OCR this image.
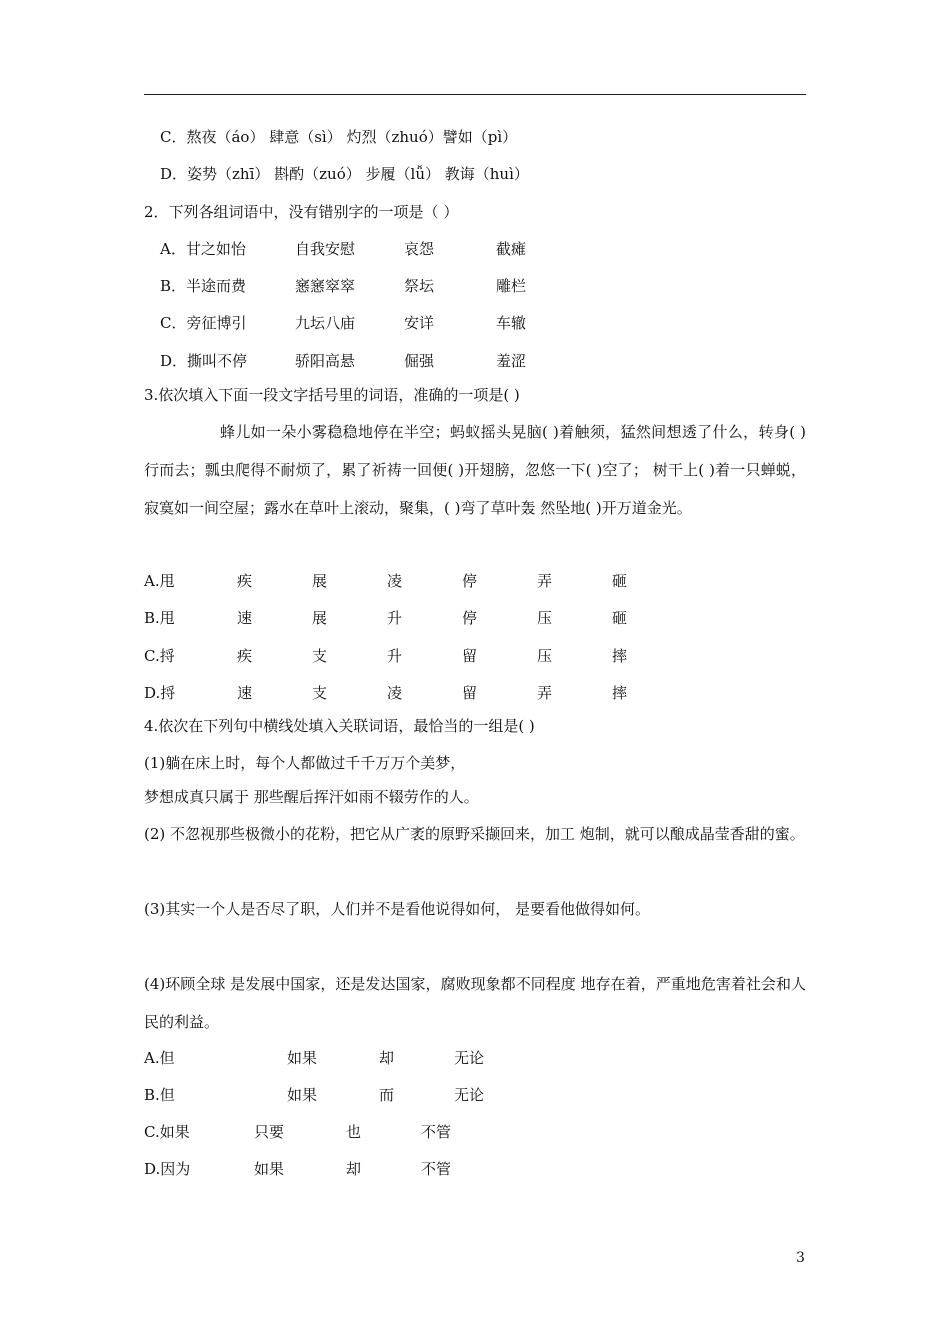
C．熬夜（áo） 肆意（sì） 灼烈（zhuó）譬如（pì）
D．姿势（zhī） 斟酌（zuó） 步履（lǚ） 教诲（huì）
2．下列各组词语中，没有错别字的一项是（ ）
A．甘之如怡	自我安慰	哀怨	截瘫
B．半途而费	窸窸窣窣	祭坛	雕栏
C．旁征博引	九坛八庙	安详	车辙
D．撕叫不停	骄阳高悬	倔强	羞涩
3.依次填入下面一段文字括号里的词语，准确的一项是( )
蜂儿如一朵小雾稳稳地停在半空；蚂蚁摇头晃脑( )着触须，猛然间想透了什么，转身( )行而去；瓢虫爬得不耐烦了，累了祈祷一回便( )开翅膀，忽悠一下( )空了； 树干上( )着一只蝉蜕，寂寞如一间空屋；露水在草叶上滚动，聚集，( )弯了草叶轰 然坠地( )开万道金光。
A.甩	疾	展	凌	停	弄	砸
B.甩	速	展	升	停	压	砸
C.捋	疾	支	升	留	压	摔
D.捋	速	支	凌	留	弄	摔
4.依次在下列句中横线处填入关联词语，最恰当的一组是( )
(1)躺在床上时，每个人都做过千千万万个美梦，
梦想成真只属于 那些醒后挥汗如雨不辍劳作的人。
(2) 不忽视那些极微小的花粉，把它从广袤的原野采撷回来，加工 炮制，就可以酿成晶莹香甜的蜜。
(3)其实一个人是否尽了职，人们并不是看他说得如何， 是要看他做得如何。
(4)环顾全球 是发展中国家，还是发达国家，腐败现象都不同程度 地存在着，严重地危害着社会和人民的利益。
A.但	如果	却	无论
B.但	如果	而	无论
C.如果	只要	也	不管
D.因为	如果	却	不管
3
